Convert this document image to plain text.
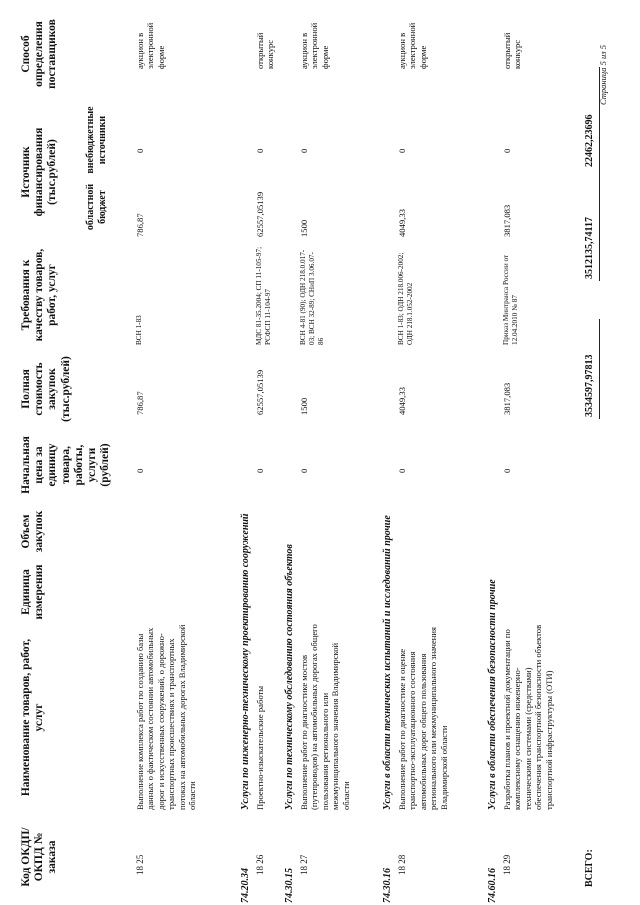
Код ОКДП/ ОКПД № заказа
Наименование товаров, работ, услуг
Единица измерения
Объем закупок
Начальная цена за единицу товара, работы, услуги (рублей)
Полная стоимость закупок (тыс.рублей)
Требования к качеству товаров, работ, услуг
Источник финансирования (тыс.рублей)
областной бюджет
внебюджетные источники
Способ определения поставщиков
18 25
Выполнение комплекса работ по созданию базы данных о фактическом состоянии автомобильных дорог и искусственных сооружений, о дорожно-транспортных происшествиях и транспортных потоках на автомобильных дорогах Владимирской области
0
786,87
ВСН 1-83
786,87
0
аукцион в электронной форме
74.20.34
Услуги по инженерно-техническому проектированию сооружений
18 26
Проектно-изыскательские работы
0
62557,05139
МДС 81-35.2004; СП 11-105-97; РСФСП 11-104-97
62557,05139
0
открытый конкурс
74.30.15
Услуги по техническому обследованию состояния объектов
18 27
Выполнение работ по диагностике мостов (путепроводов) на автомобильных дорогах общего пользования регионального или межмуниципального значения Владимирской области
0
1500
ВСН 4-81 (90); ОДН 218.0.017-03; ВСН 32-89; СНиП 3.06.07-86
1500
0
аукцион в электронной форме
74.30.16
Услуги в области технических испытаний и исследований прочие
18 28
Выполнение работ по диагностике и оценке транспортно-эксплуатационного состояния автомобильных дорог общего пользования регионального или межмуниципального значения Владимирской области
0
4049,33
ВСН 1-83; ОДН 218.006-2002; ОДН 218.1.052-2002
4049,33
0
аукцион в электронной форме
74.60.16
Услуги в области обеспечения безопасности прочие
18 29
Разработка планов и проектной документации по комплексному оснащению инженерно-техническими системами (средствами) обеспечения транспортной безопасности объектов транспортной инфраструктуры (ОТИ)
0
3817,083
Приказ Минтранса России от 12.04.2010 № 87
3817,083
0
открытый конкурс
ВСЕГО:
3534597,97813
3512135,74117
22462,23696
Страница 5 из 5
